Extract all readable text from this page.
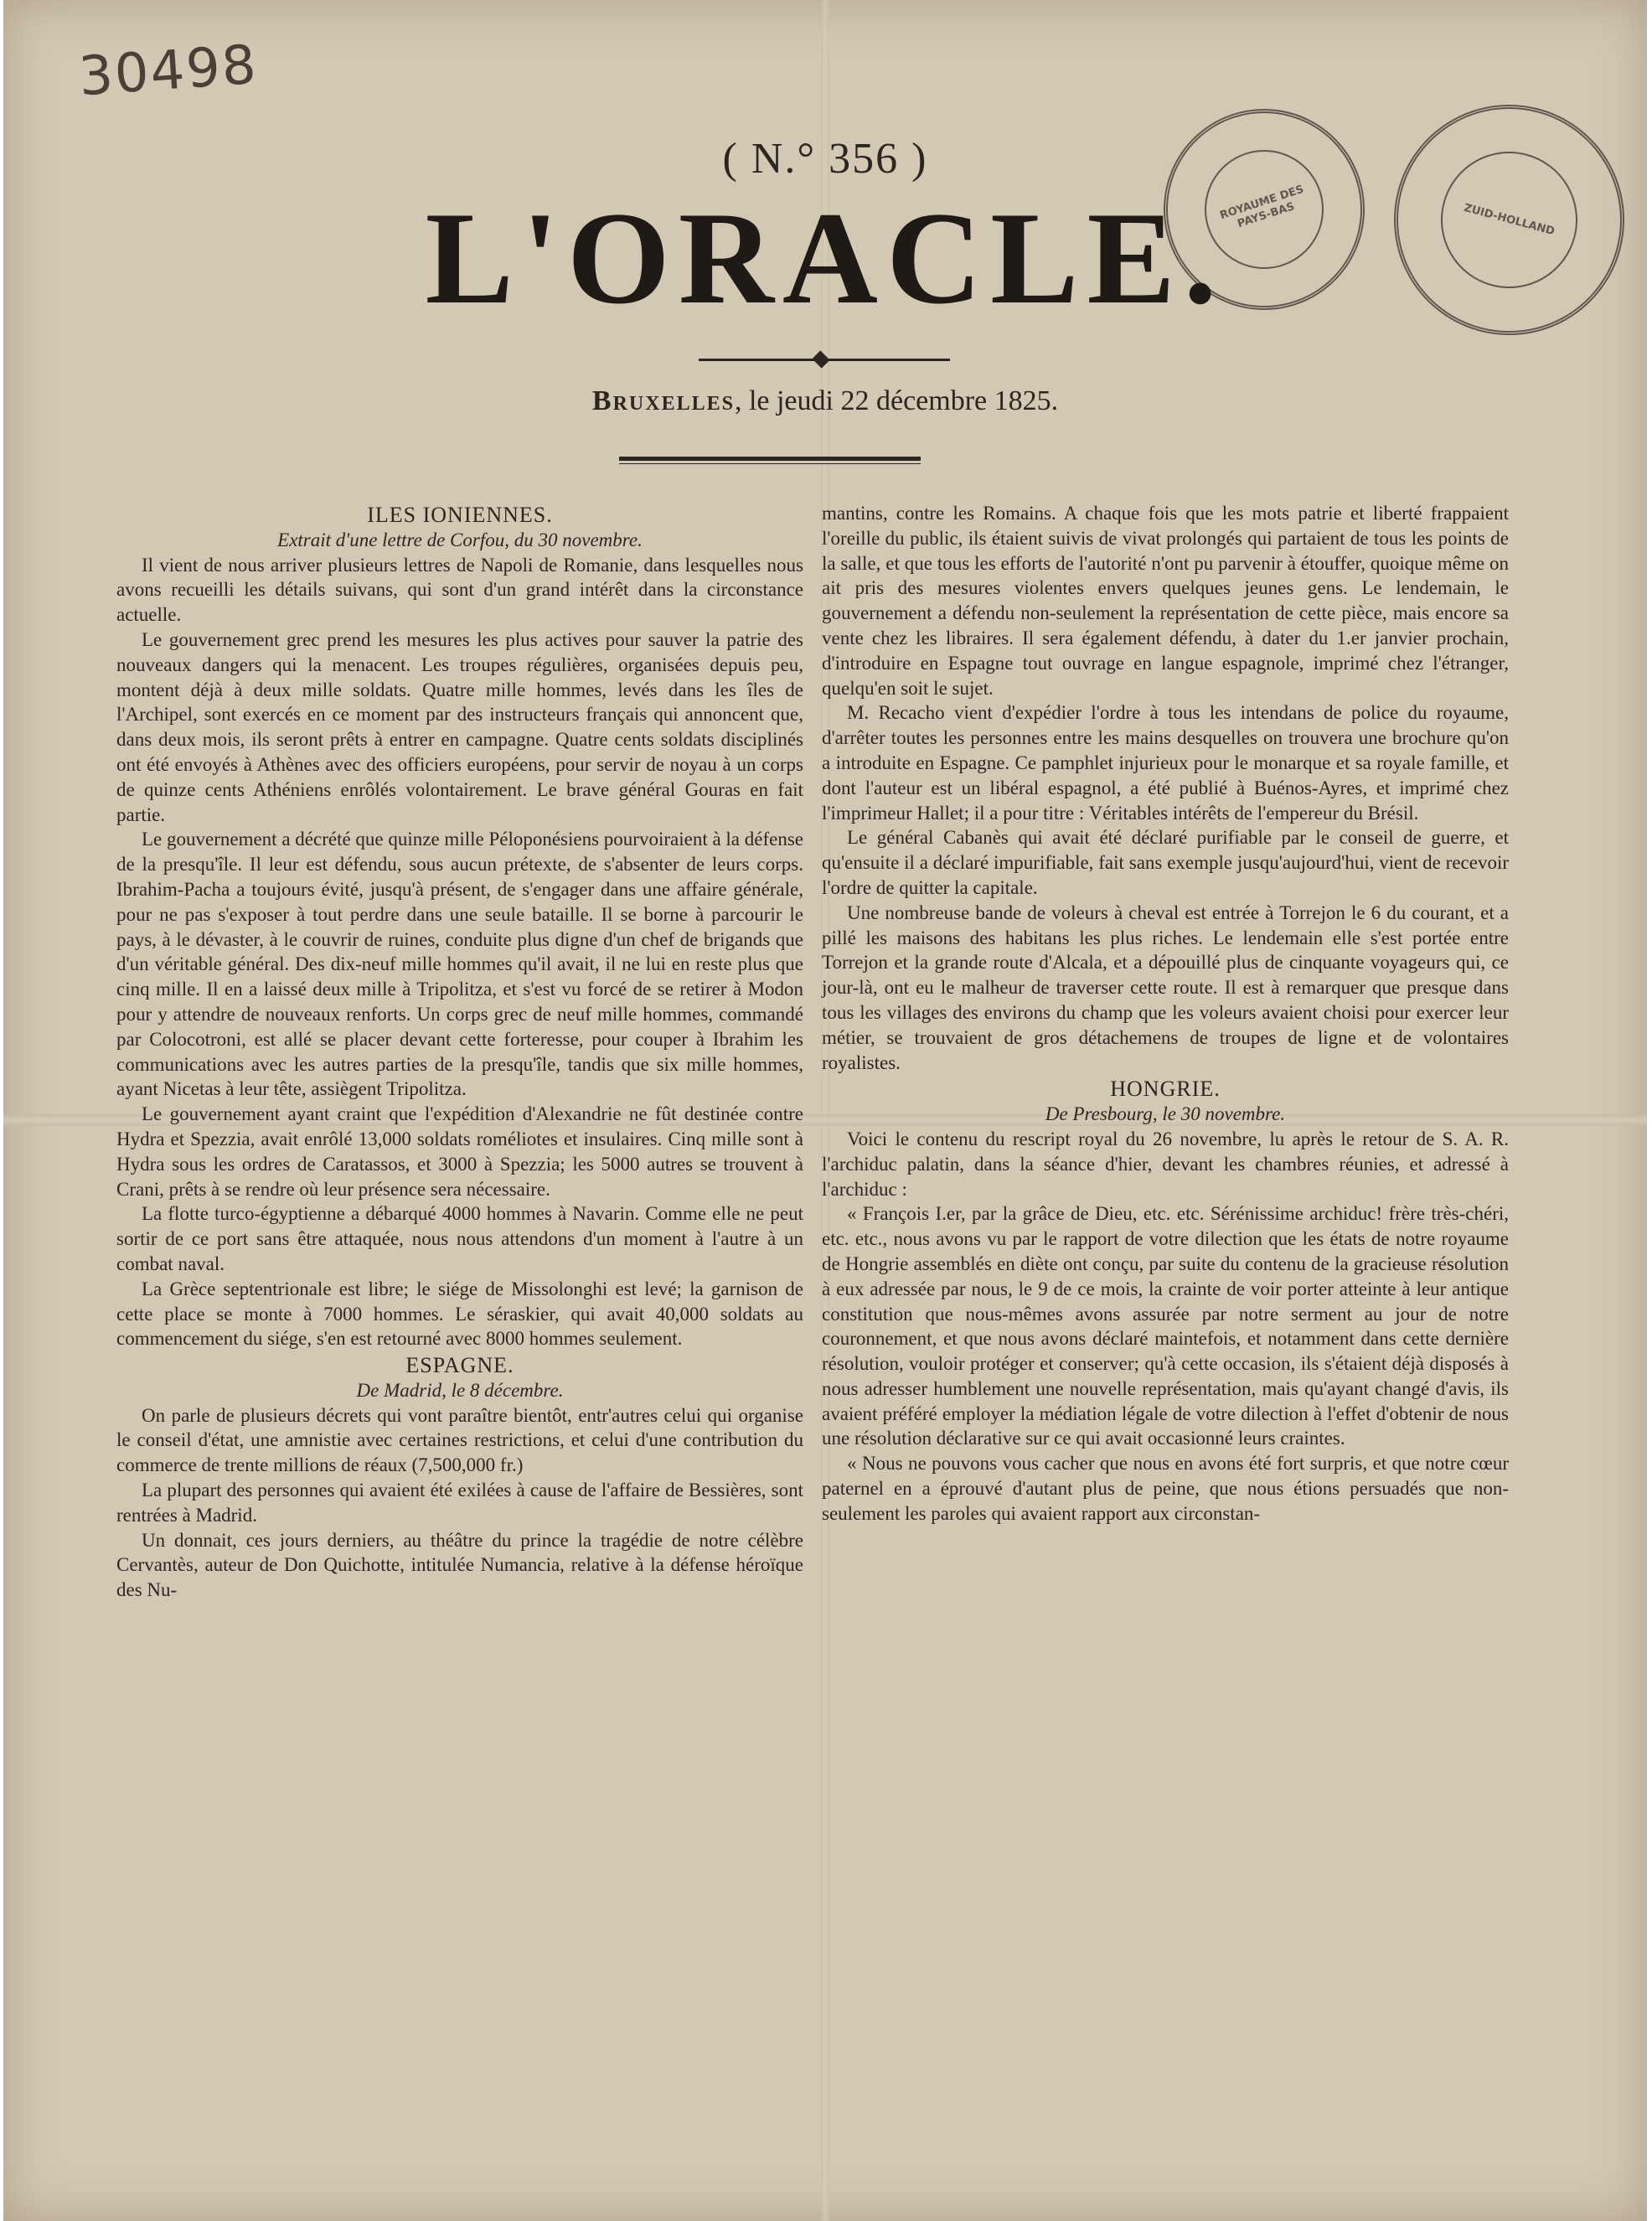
30498
ROYAUME DES PAYS-BAS	ZUID-HOLLAND
( N.° 356 )
L'ORACLE.
Bruxelles, le jeudi 22 décembre 1825.
ILES IONIENNES.
Extrait d'une lettre de Corfou, du 30 novembre.

Il vient de nous arriver plusieurs lettres de Napoli de Romanie, dans lesquelles nous avons recueilli les détails suivans, qui sont d'un grand intérêt dans la circonstance actuelle.

Le gouvernement grec prend les mesures les plus actives pour sauver la patrie des nouveaux dangers qui la menacent. Les troupes régulières, organisées depuis peu, montent déjà à deux mille soldats. Quatre mille hommes, levés dans les îles de l'Archipel, sont exercés en ce moment par des instructeurs français qui annoncent que, dans deux mois, ils seront prêts à entrer en campagne. Quatre cents soldats disciplinés ont été envoyés à Athènes avec des officiers européens, pour servir de noyau à un corps de quinze cents Athéniens enrôlés volontairement. Le brave général Gouras en fait partie.

Le gouvernement a décrété que quinze mille Péloponésiens pourvoiraient à la défense de la presqu'île. Il leur est défendu, sous aucun prétexte, de s'absenter de leurs corps. Ibrahim-Pacha a toujours évité, jusqu'à présent, de s'engager dans une affaire générale, pour ne pas s'exposer à tout perdre dans une seule bataille. Il se borne à parcourir le pays, à le dévaster, à le couvrir de ruines, conduite plus digne d'un chef de brigands que d'un véritable général. Des dix-neuf mille hommes qu'il avait, il ne lui en reste plus que cinq mille. Il en a laissé deux mille à Tripolitza, et s'est vu forcé de se retirer à Modon pour y attendre de nouveaux renforts. Un corps grec de neuf mille hommes, commandé par Colocotroni, est allé se placer devant cette forteresse, pour couper à Ibrahim les communications avec les autres parties de la presqu'île, tandis que six mille hommes, ayant Nicetas à leur tête, assiègent Tripolitza.

Le gouvernement ayant craint que l'expédition d'Alexandrie ne fût destinée contre Hydra et Spezzia, avait enrôlé 13,000 soldats roméliotes et insulaires. Cinq mille sont à Hydra sous les ordres de Caratassos, et 3000 à Spezzia; les 5000 autres se trouvent à Crani, prêts à se rendre où leur présence sera nécessaire.

La flotte turco-égyptienne a débarqué 4000 hommes à Navarin. Comme elle ne peut sortir de ce port sans être attaquée, nous nous attendons d'un moment à l'autre à un combat naval.

La Grèce septentrionale est libre; le siége de Missolonghi est levé; la garnison de cette place se monte à 7000 hommes. Le séraskier, qui avait 40,000 soldats au commencement du siége, s'en est retourné avec 8000 hommes seulement.

ESPAGNE.
De Madrid, le 8 décembre.

On parle de plusieurs décrets qui vont paraître bientôt, entr'autres celui qui organise le conseil d'état, une amnistie avec certaines restrictions, et celui d'une contribution du commerce de trente millions de réaux (7,500,000 fr.)

La plupart des personnes qui avaient été exilées à cause de l'affaire de Bessières, sont rentrées à Madrid.

Un donnait, ces jours derniers, au théâtre du prince la tragédie de notre célèbre Cervantès, auteur de Don Quichotte, intitulée Numancia, relative à la défense héroïque des Nu-

mantins, contre les Romains. A chaque fois que les mots patrie et liberté frappaient l'oreille du public, ils étaient suivis de vivat prolongés qui partaient de tous les points de la salle, et que tous les efforts de l'autorité n'ont pu parvenir à étouffer, quoique même on ait pris des mesures violentes envers quelques jeunes gens. Le lendemain, le gouvernement a défendu non-seulement la représentation de cette pièce, mais encore sa vente chez les libraires. Il sera également défendu, à dater du 1.er janvier prochain, d'introduire en Espagne tout ouvrage en langue espagnole, imprimé chez l'étranger, quelqu'en soit le sujet.

M. Recacho vient d'expédier l'ordre à tous les intendans de police du royaume, d'arrêter toutes les personnes entre les mains desquelles on trouvera une brochure qu'on a introduite en Espagne. Ce pamphlet injurieux pour le monarque et sa royale famille, et dont l'auteur est un libéral espagnol, a été publié à Buénos-Ayres, et imprimé chez l'imprimeur Hallet; il a pour titre : Véritables intérêts de l'empereur du Brésil.

Le général Cabanès qui avait été déclaré purifiable par le conseil de guerre, et qu'ensuite il a déclaré impurifiable, fait sans exemple jusqu'aujourd'hui, vient de recevoir l'ordre de quitter la capitale.

Une nombreuse bande de voleurs à cheval est entrée à Torrejon le 6 du courant, et a pillé les maisons des habitans les plus riches. Le lendemain elle s'est portée entre Torrejon et la grande route d'Alcala, et a dépouillé plus de cinquante voyageurs qui, ce jour-là, ont eu le malheur de traverser cette route. Il est à remarquer que presque dans tous les villages des environs du champ que les voleurs avaient choisi pour exercer leur métier, se trouvaient de gros détachemens de troupes de ligne et de volontaires royalistes.

HONGRIE.
De Presbourg, le 30 novembre.

Voici le contenu du rescript royal du 26 novembre, lu après le retour de S. A. R. l'archiduc palatin, dans la séance d'hier, devant les chambres réunies, et adressé à l'archiduc :

« François I.er, par la grâce de Dieu, etc. etc. Sérénissime archiduc! frère très-chéri, etc. etc., nous avons vu par le rapport de votre dilection que les états de notre royaume de Hongrie assemblés en diète ont conçu, par suite du contenu de la gracieuse résolution à eux adressée par nous, le 9 de ce mois, la crainte de voir porter atteinte à leur antique constitution que nous-mêmes avons assurée par notre serment au jour de notre couronnement, et que nous avons déclaré maintefois, et notamment dans cette dernière résolution, vouloir protéger et conserver; qu'à cette occasion, ils s'étaient déjà disposés à nous adresser humblement une nouvelle représentation, mais qu'ayant changé d'avis, ils avaient préféré employer la médiation légale de votre dilection à l'effet d'obtenir de nous une résolution déclarative sur ce qui avait occasionné leurs craintes.

« Nous ne pouvons vous cacher que nous en avons été fort surpris, et que notre cœur paternel en a éprouvé d'autant plus de peine, que nous étions persuadés que non-seulement les paroles qui avaient rapport aux circonstan-
